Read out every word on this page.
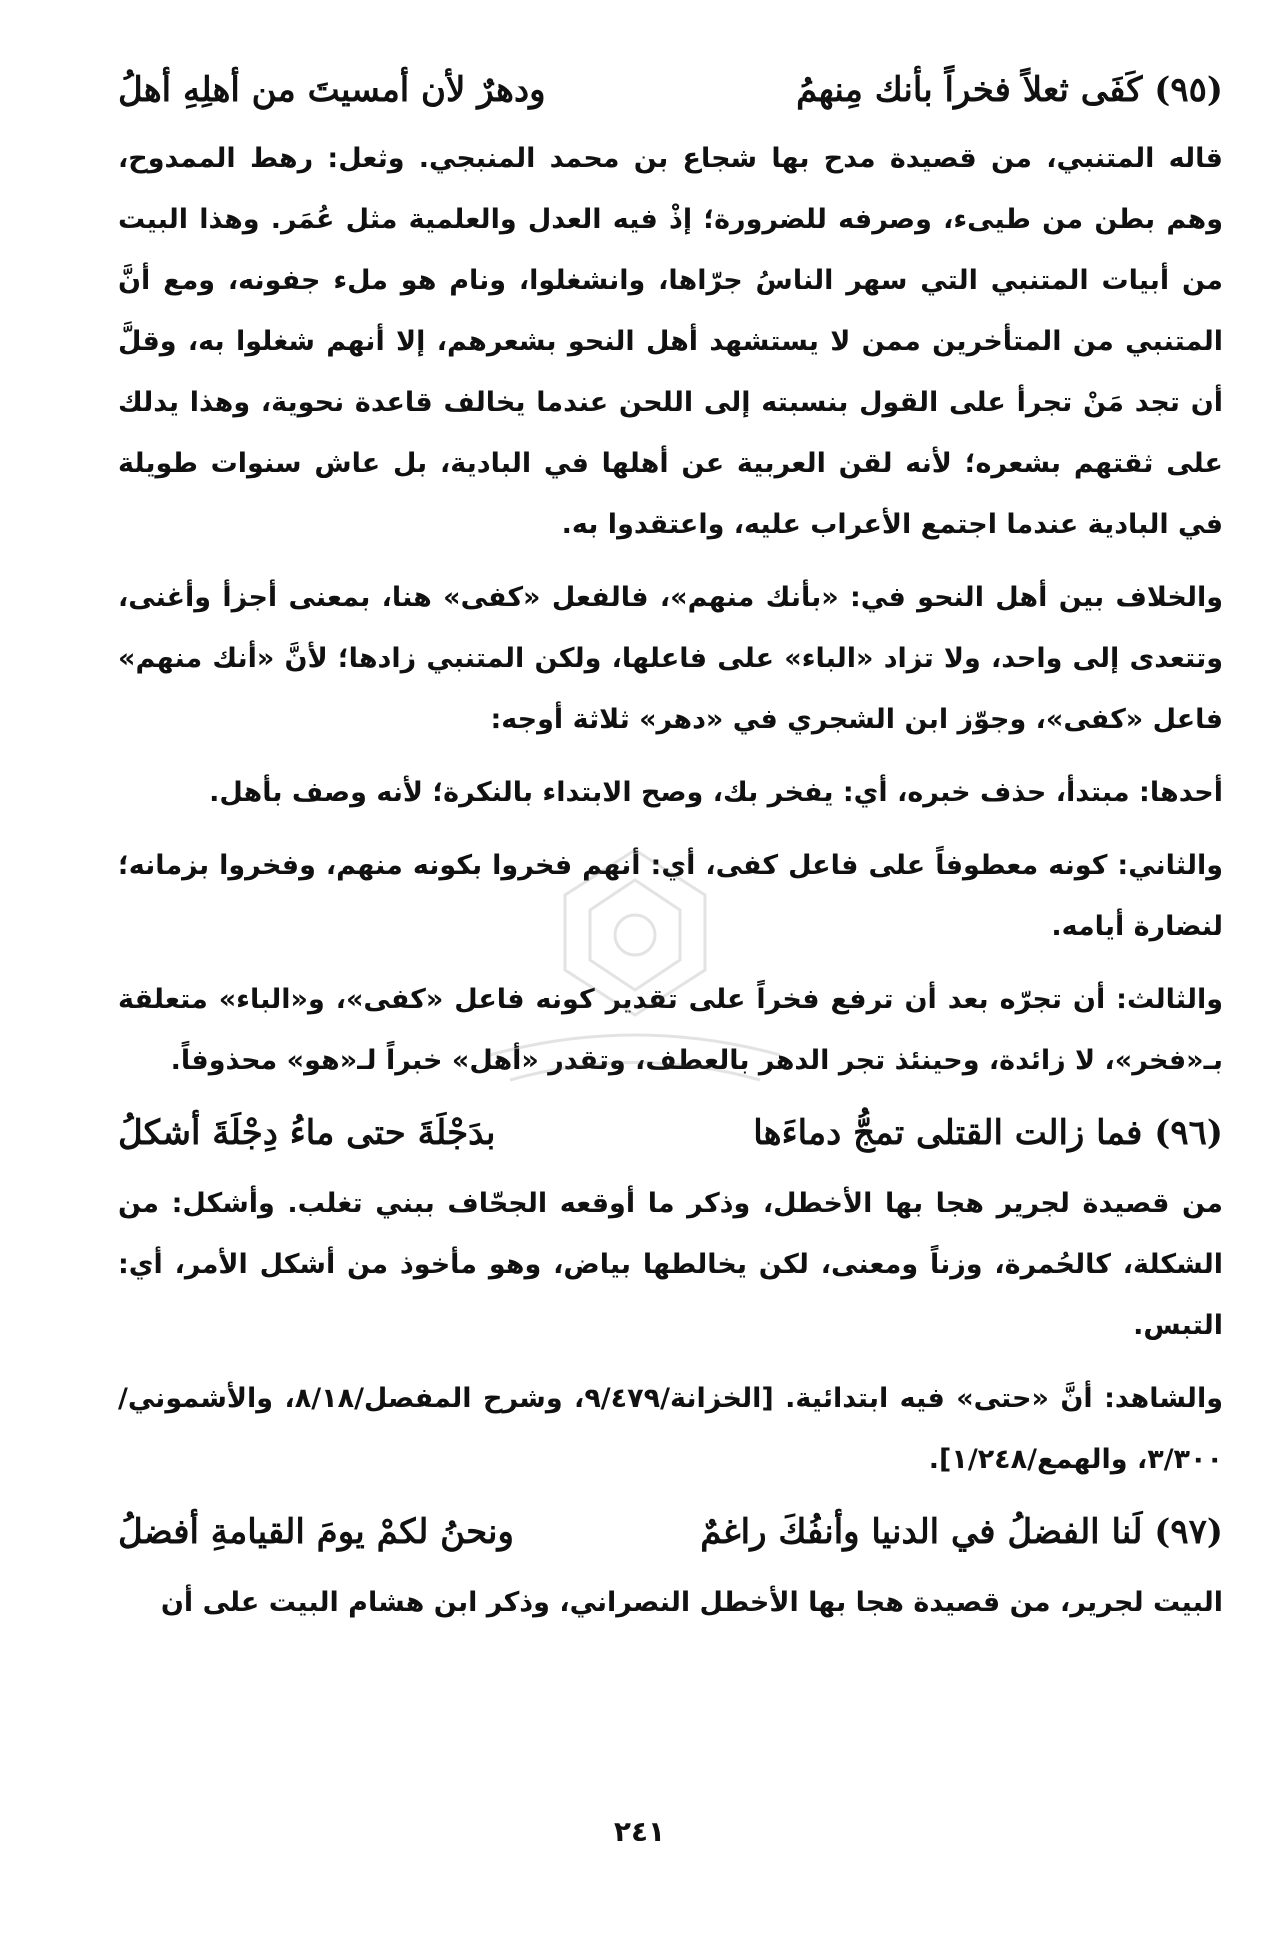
(٩٥) كَفَى ثعلاً فخراً بأنك مِنهمُ
ودهرٌ لأن أمسيتَ من أهلِهِ أهلُ

قاله المتنبي، من قصيدة مدح بها شجاع بن محمد المنبجي. وثعل: رهط الممدوح، وهم بطن من طيىء، وصرفه للضرورة؛ إذْ فيه العدل والعلمية مثل عُمَر. وهذا البيت من أبيات المتنبي التي سهر الناسُ جرّاها، وانشغلوا، ونام هو ملء جفونه، ومع أنَّ المتنبي من المتأخرين ممن لا يستشهد أهل النحو بشعرهم، إلا أنهم شغلوا به، وقلَّ أن تجد مَنْ تجرأ على القول بنسبته إلى اللحن عندما يخالف قاعدة نحوية، وهذا يدلك على ثقتهم بشعره؛ لأنه لقن العربية عن أهلها في البادية، بل عاش سنوات طويلة في البادية عندما اجتمع الأعراب عليه، واعتقدوا به.

والخلاف بين أهل النحو في: «بأنك منهم»، فالفعل «كفى» هنا، بمعنى أجزأ وأغنى، وتتعدى إلى واحد، ولا تزاد «الباء» على فاعلها، ولكن المتنبي زادها؛ لأنَّ «أنك منهم» فاعل «كفى»، وجوّز ابن الشجري في «دهر» ثلاثة أوجه:

أحدها: مبتدأ، حذف خبره، أي: يفخر بك، وصح الابتداء بالنكرة؛ لأنه وصف بأهل.

والثاني: كونه معطوفاً على فاعل كفى، أي: أنهم فخروا بكونه منهم، وفخروا بزمانه؛ لنضارة أيامه.

والثالث: أن تجرّه بعد أن ترفع فخراً على تقدير كونه فاعل «كفى»، و«الباء» متعلقة بـ«فخر»، لا زائدة، وحينئذ تجر الدهر بالعطف، وتقدر «أهل» خبراً لـ«هو» محذوفاً.

(٩٦) فما زالت القتلى تمجُّ دماءَها
بدَجْلَةَ حتى ماءُ دِجْلَةَ أشكلُ

من قصيدة لجرير هجا بها الأخطل، وذكر ما أوقعه الجحّاف ببني تغلب. وأشكل: من الشكلة، كالحُمرة، وزناً ومعنى، لكن يخالطها بياض، وهو مأخوذ من أشكل الأمر، أي: التبس.

والشاهد: أنَّ «حتى» فيه ابتدائية. [الخزانة/٩/٤٧٩، وشرح المفصل/٨/١٨، والأشموني/٣/٣٠٠، والهمع/١/٢٤٨].

(٩٧) لَنا الفضلُ في الدنيا وأنفُكَ راغمٌ
ونحنُ لكمْ يومَ القيامةِ أفضلُ

البيت لجرير، من قصيدة هجا بها الأخطل النصراني، وذكر ابن هشام البيت على أن

٢٤١
